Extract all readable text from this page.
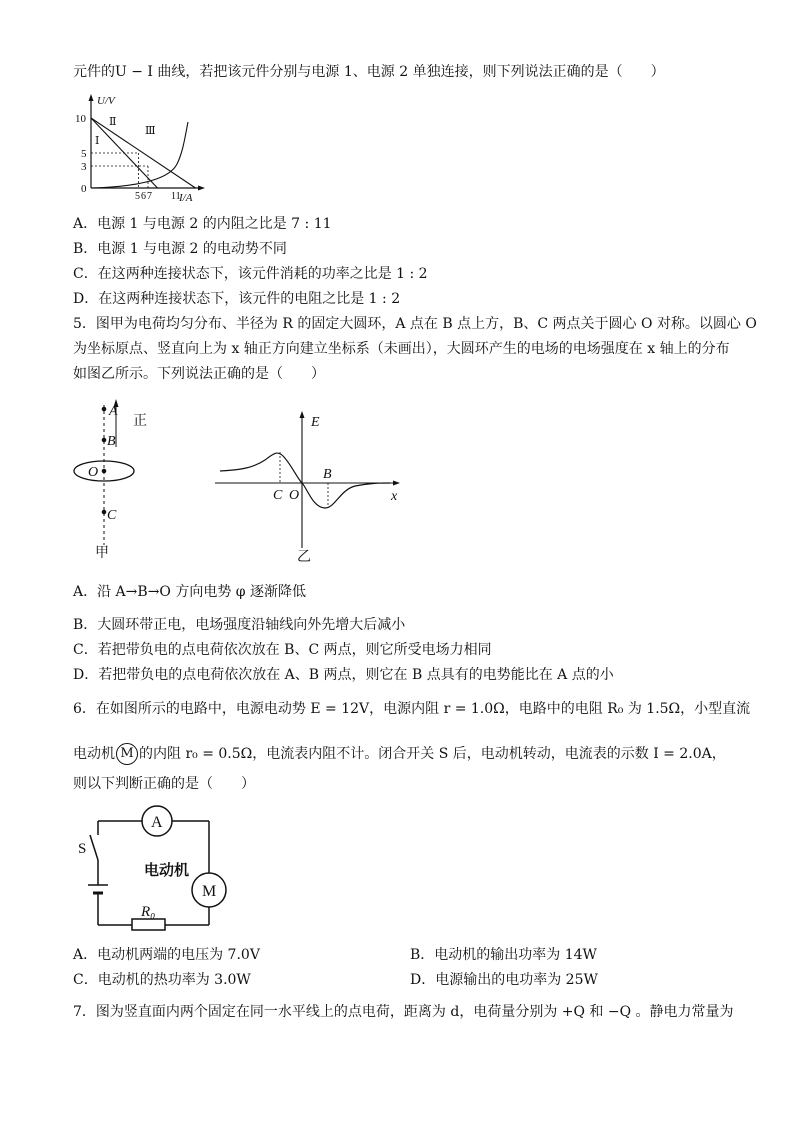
元件的U − I 曲线，若把该元件分别与电源 1、电源 2 单独连接，则下列说法正确的是（　　）
U/V
I/A
10
5
3
0
5 6 7 11
Ⅰ
Ⅱ
Ⅲ
A．电源 1 与电源 2 的内阻之比是 7 : 11
B．电源 1 与电源 2 的电动势不同
C．在这两种连接状态下，该元件消耗的功率之比是 1 : 2
D．在这两种连接状态下，该元件的电阻之比是 1 : 2
5．图甲为电荷均匀分布、半径为 R 的固定大圆环，A 点在 B 点上方，B、C 两点关于圆心 O 对称。以圆心 O
为坐标原点、竖直向上为 x 轴正方向建立坐标系（未画出），大圆环产生的电场的电场强度在 x 轴上的分布
如图乙所示。下列说法正确的是（　　）
A
B
O
C
正
甲
E
x
C O
B
乙
A．沿 A→B→O 方向电势 φ 逐渐降低
B．大圆环带正电，电场强度沿轴线向外先增大后减小
C．若把带负电的点电荷依次放在 B、C 两点，则它所受电场力相同
D．若把带负电的点电荷依次放在 A、B 两点，则它在 B 点具有的电势能比在 A 点的小
6．在如图所示的电路中，电源电动势 E = 12V，电源内阻 r = 1.0Ω，电路中的电阻 R₀ 为 1.5Ω，小型直流
电动机 M 的内阻 r₀ = 0.5Ω，电流表内阻不计。闭合开关 S 后，电动机转动，电流表的示数 I = 2.0A，
则以下判断正确的是（　　）
A
M
R₀
S
电动机
A．电动机两端的电压为 7.0V	B．电动机的输出功率为 14W
C．电动机的热功率为 3.0W	D．电源输出的电功率为 25W
7．图为竖直面内两个固定在同一水平线上的点电荷，距离为 d，电荷量分别为 +Q 和 −Q 。静电力常量为
